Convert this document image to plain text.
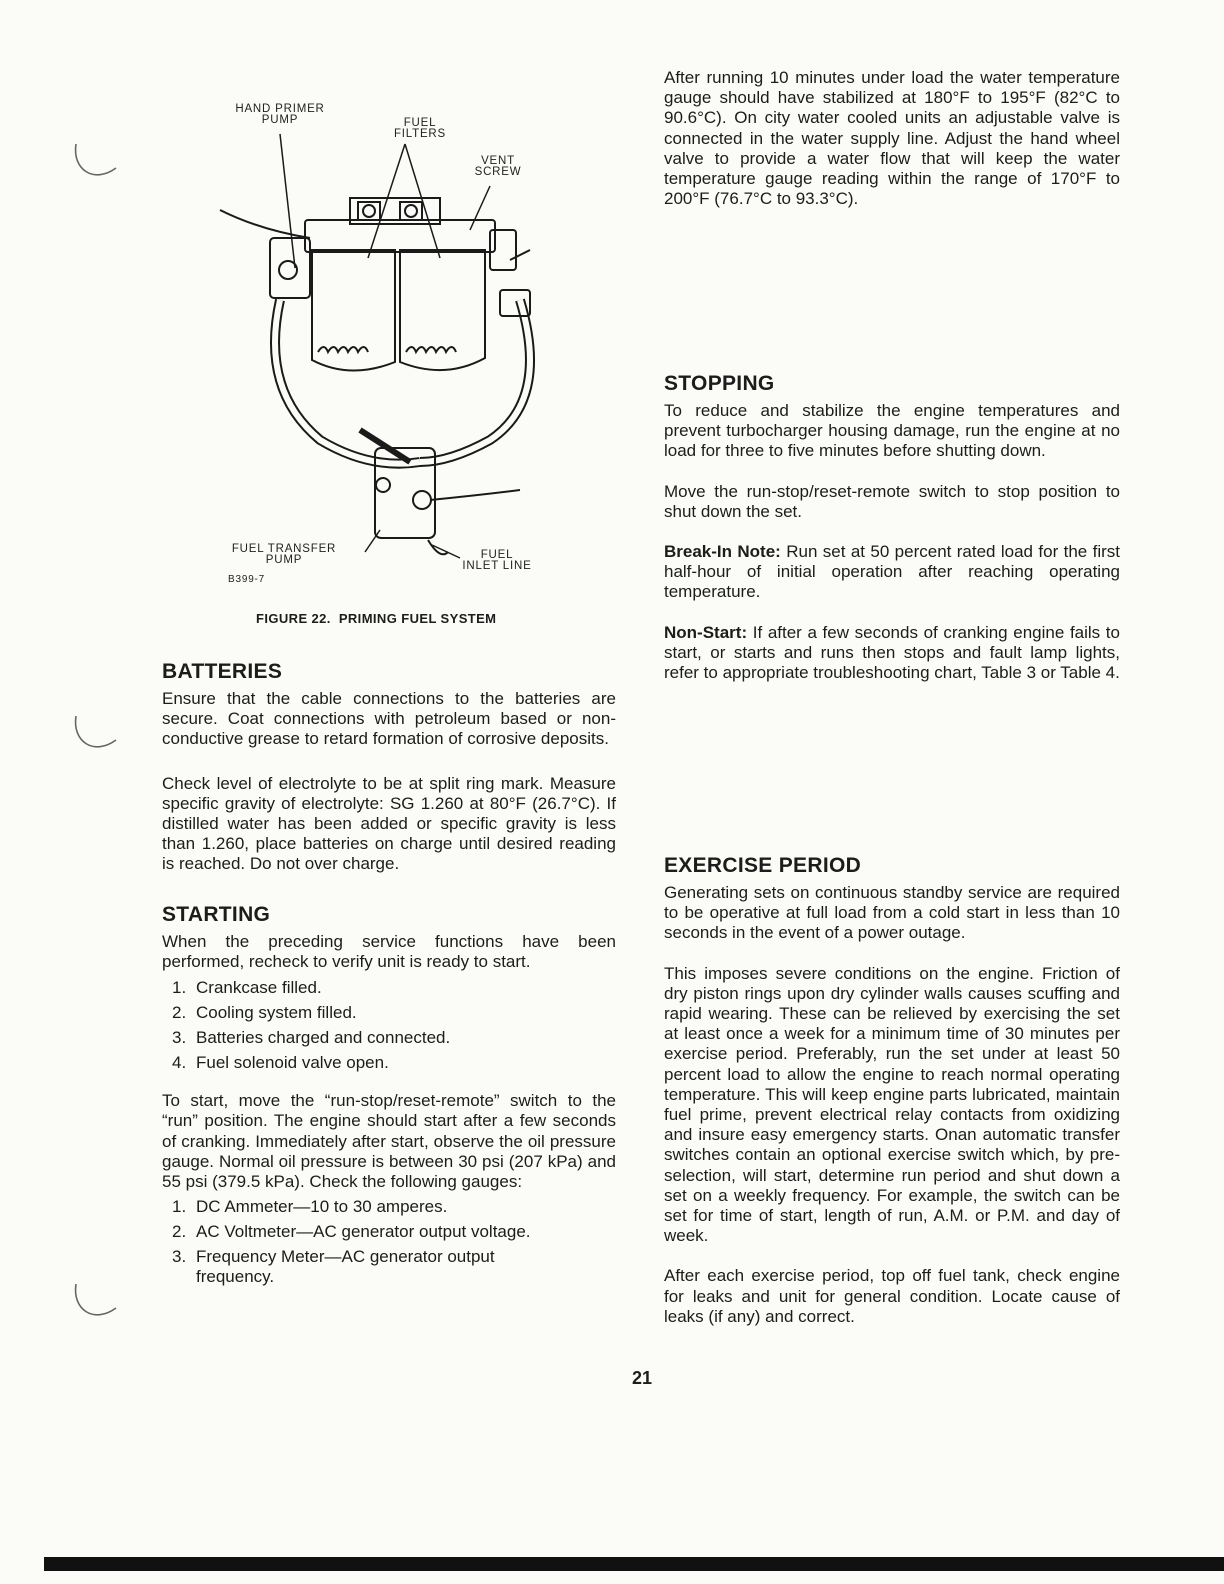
HAND PRIMER PUMP	FUEL FILTERS
VENT SCREW
FUEL TRANSFER PUMP	FUEL INLET LINE
B399-7
FIGURE 22.  PRIMING FUEL SYSTEM
BATTERIES

Ensure that the cable connections to the batteries are secure. Coat connections with petroleum based or non-conductive grease to retard formation of corrosive deposits.

Check level of electrolyte to be at split ring mark. Measure specific gravity of electrolyte: SG 1.260 at 80°F (26.7°C). If distilled water has been added or specific gravity is less than 1.260, place batteries on charge until desired reading is reached. Do not over charge.

STARTING

When the preceding service functions have been performed, recheck to verify unit is ready to start.

1. Crankcase filled.
2. Cooling system filled.
3. Batteries charged and connected.
4. Fuel solenoid valve open.

To start, move the “run-stop/reset-remote” switch to the “run” position. The engine should start after a few seconds of cranking. Immediately after start, observe the oil pressure gauge. Normal oil pressure is between 30 psi (207 kPa) and 55 psi (379.5 kPa). Check the following gauges:

1. DC Ammeter—10 to 30 amperes.
2. AC Voltmeter—AC generator output voltage.
3. Frequency Meter—AC generator output frequency.

After running 10 minutes under load the water temperature gauge should have stabilized at 180°F to 195°F (82°C to 90.6°C). On city water cooled units an adjustable valve is connected in the water supply line. Adjust the hand wheel valve to provide a water flow that will keep the water temperature gauge reading within the range of 170°F to 200°F (76.7°C to 93.3°C).

STOPPING

To reduce and stabilize the engine temperatures and prevent turbocharger housing damage, run the engine at no load for three to five minutes before shutting down.

Move the run-stop/reset-remote switch to stop position to shut down the set.

Break-In Note: Run set at 50 percent rated load for the first half-hour of initial operation after reaching operating temperature.

Non-Start: If after a few seconds of cranking engine fails to start, or starts and runs then stops and fault lamp lights, refer to appropriate troubleshooting chart, Table 3 or Table 4.

EXERCISE PERIOD

Generating sets on continuous standby service are required to be operative at full load from a cold start in less than 10 seconds in the event of a power outage.

This imposes severe conditions on the engine. Friction of dry piston rings upon dry cylinder walls causes scuffing and rapid wearing. These can be relieved by exercising the set at least once a week for a minimum time of 30 minutes per exercise period. Preferably, run the set under at least 50 percent load to allow the engine to reach normal operating temperature. This will keep engine parts lubricated, maintain fuel prime, prevent electrical relay contacts from oxidizing and insure easy emergency starts. Onan automatic transfer switches contain an optional exercise switch which, by pre-selection, will start, determine run period and shut down a set on a weekly frequency. For example, the switch can be set for time of start, length of run, A.M. or P.M. and day of week.

After each exercise period, top off fuel tank, check engine for leaks and unit for general condition. Locate cause of leaks (if any) and correct.

21
